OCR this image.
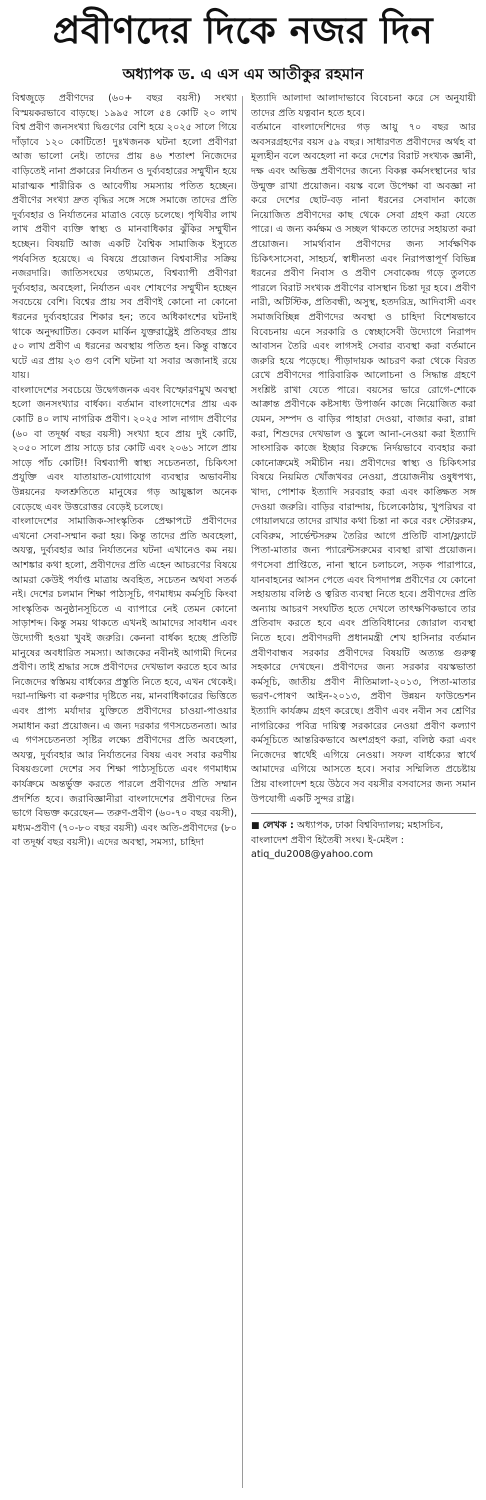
প্রবীণদের দিকে নজর দিন
অধ্যাপক ড. এ এস এম আতীকুর রহমান

বিশ্বজুড়ে প্রবীণদের (৬০+ বছর বয়সী) সংখ্যা বিস্ময়করভাবে বাড়ছে। ১৯৯৫ সালে ৫৪ কোটি ২০ লাখ বিশ্ব প্রবীণ জনসংখ্যা দ্বিগুণের বেশি হয়ে ২০২৫ সালে গিয়ে দাঁড়াবে ১২০ কোটিতে! দুঃখজনক ঘটনা হলো প্রবীণরা আজ ভালো নেই। তাদের প্রায় ৪৬ শতাংশ নিজেদের বাড়িতেই নানা প্রকারের নির্যাতন ও দুর্ব্যবহারের সম্মুখীন হয়ে মারাত্মক শারীরিক ও আবেগীয় সমস্যায় পতিত হচ্ছেন। প্রবীণের সংখ্যা দ্রুত বৃদ্ধির সঙ্গে সঙ্গে সমাজে তাদের প্রতি দুর্ব্যবহার ও নির্যাতনের মাত্রাও বেড়ে চলেছে। পৃথিবীর লাখ লাখ প্রবীণ ব্যক্তি স্বাস্থ্য ও মানবাধিকার ঝুঁকির সম্মুখীন হচ্ছেন। বিষয়টি আজ একটি বৈশ্বিক সামাজিক ইস্যুতে পর্যবসিত হয়েছে। এ বিষয়ে প্রয়োজন বিশ্ববাসীর সক্রিয় নজরদারি। জাতিসংঘের তথ্যমতে, বিশ্বব্যাপী প্রবীণরা দুর্ব্যবহার, অবহেলা, নির্যাতন এবং শোষণের সম্মুখীন হচ্ছেন সবচেয়ে বেশি। বিশ্বের প্রায় সব প্রবীণই কোনো না কোনো ধরনের দুর্ব্যবহারের শিকার হন; তবে অধিকাংশের ঘটনাই থাকে অনুদ্ঘাটিত। কেবল মার্কিন যুক্তরাষ্ট্রেই প্রতিবছর প্রায় ৫০ লাখ প্রবীণ এ ধরনের অবস্থায় পতিত হন। কিন্তু বাস্তবে ঘটে এর প্রায় ২৩ গুণ বেশি ঘটনা যা সবার অজানাই রয়ে যায়।

বাংলাদেশের সবচেয়ে উদ্বেগজনক এবং বিস্ফোরণমুখ অবস্থা হলো জনসংখ্যার বার্ধক্য। বর্তমান বাংলাদেশের প্রায় এক কোটি ৪০ লাখ নাগরিক প্রবীণ। ২০২৫ সাল নাগাদ প্রবীণের (৬০ বা তদূর্ধ্ব বছর বয়সী) সংখ্যা হবে প্রায় দুই কোটি, ২০৫০ সালে প্রায় সাড়ে চার কোটি এবং ২০৬১ সালে প্রায় সাড়ে পাঁচ কোটি!! বিশ্বব্যাপী স্বাস্থ্য সচেতনতা, চিকিৎসা প্রযুক্তি এবং যাতায়াত-যোগাযোগ ব্যবস্থার অভাবনীয় উন্নয়নের ফলশ্রুতিতে মানুষের গড় আয়ুষ্কাল অনেক বেড়েছে এবং উত্তরোত্তর বেড়েই চলেছে।

বাংলাদেশের সামাজিক-সাংস্কৃতিক প্রেক্ষাপটে প্রবীণদের এখনো সেবা-সম্মান করা হয়। কিন্তু তাদের প্রতি অবহেলা, অযত্ন, দুর্ব্যবহার আর নির্যাতনের ঘটনা এখানেও কম নয়। আশঙ্কার কথা হলো, প্রবীণদের প্রতি এহেন আচরণের বিষয়ে আমরা কেউই পর্যাপ্ত মাত্রায় অবহিত, সচেতন অথবা সতর্ক নই। দেশের চলমান শিক্ষা পাঠ্যসূচি, গণমাধ্যম কর্মসূচি কিংবা সাংস্কৃতিক অনুষ্ঠানসূচিতে এ ব্যাপারে নেই তেমন কোনো সাড়াশব্দ। কিন্তু সময় থাকতে এখনই আমাদের সাবধান এবং উদ্যোগী হওয়া খুবই জরুরি। কেননা বার্ধক্য হচ্ছে প্রতিটি মানুষের অবধারিত সমস্যা। আজকের নবীনই আগামী দিনের প্রবীণ। তাই শ্রদ্ধার সঙ্গে প্রবীণদের দেখভাল করতে হবে আর নিজেদের স্বস্তিময় বার্ধক্যের প্রস্তুতি নিতে হবে, এখন থেকেই।

দয়া-দাক্ষিণ্য বা করুণার দৃষ্টিতে নয়, মানবাধিকারের ভিত্তিতে এবং প্রাপ্য মর্যাদার যুক্তিতে প্রবীণদের চাওয়া-পাওয়ার সমাধান করা প্রয়োজন। এ জন্য দরকার গণসচেতনতা। আর এ গণসচেতনতা সৃষ্টির লক্ষ্যে প্রবীণদের প্রতি অবহেলা, অযত্ন, দুর্ব্যবহার আর নির্যাতনের বিষয় এবং সবার করণীয় বিষয়গুলো দেশের সব শিক্ষা পাঠ্যসূচিতে এবং গণমাধ্যম কার্যক্রমে অন্তর্ভুক্ত করতে পারলে প্রবীণদের প্রতি সম্মান প্রদর্শিত হবে। জরাবিজ্ঞানীরা বাংলাদেশের প্রবীণদের তিন ভাগে বিভক্ত করেছেন— তরুণ-প্রবীণ (৬০-৭০ বছর বয়সী), মধ্যম-প্রবীণ (৭০-৮০ বছর বয়সী) এবং অতি-প্রবীণদের (৮০ বা তদূর্ধ্ব বছর বয়সী)। এদের অবস্থা, সমস্যা, চাহিদা

ইত্যাদি আলাদা আলাদাভাবে বিবেচনা করে সে অনুযায়ী তাদের প্রতি যত্নবান হতে হবে।

বর্তমানে বাংলাদেশিদের গড় আয়ু ৭০ বছর আর অবসরগ্রহণের বয়স ৫৯ বছর। সাধারণত প্রবীণদের অর্থহ বা মূল্যহীন বলে অবহেলা না করে দেশের বিরাট সংখ্যক জ্ঞানী, দক্ষ এবং অভিজ্ঞ প্রবীণদের জন্যে বিকল্প কর্মসংস্থানের দ্বার উন্মুক্ত রাখা প্রয়োজন। বয়স্ক বলে উপেক্ষা বা অবজ্ঞা না করে দেশের ছোট-বড় নানা ধরনের সেবাদান কাজে নিয়োজিত প্রবীণদের কাছ থেকে সেবা গ্রহণ করা যেতে পারে। এ জন্য কর্মক্ষম ও সচ্ছল থাকতে তাদের সহায়তা করা প্রয়োজন। সামর্থ্যবান প্রবীণদের জন্য সার্বক্ষণিক চিকিৎসাসেবা, সাহচর্য, স্বাধীনতা এবং নিরাপত্তাপূর্ণ বিভিন্ন ধরনের প্রবীণ নিবাস ও প্রবীণ সেবাকেন্দ্র গড়ে তুলতে পারলে বিরাট সংখ্যক প্রবীণের বাসস্থান চিন্তা দূর হবে। প্রবীণ নারী, অটিস্টিক, প্রতিবন্ধী, অসুস্থ, হতদরিদ্র, আদিবাসী এবং সমাজবিচ্ছিন্ন প্রবীণদের অবস্থা ও চাহিদা বিশেষভাবে বিবেচনায় এনে সরকারি ও স্বেচ্ছাসেবী উদ্যোগে নিরাপদ আবাসন তৈরি এবং লাগসই সেবার ব্যবস্থা করা বর্তমানে জরুরি হয়ে পড়েছে। পীড়াদায়ক আচরণ করা থেকে বিরত রেখে প্রবীণদের পারিবারিক আলোচনা ও সিদ্ধান্ত গ্রহণে সংশ্লিষ্ট রাখা যেতে পারে। বয়সের ভারে রোগে-শোকে আক্রান্ত প্রবীণকে কষ্টসাধ্য উপার্জন কাজে নিয়োজিত করা যেমন, সম্পদ ও বাড়ির পাহারা দেওয়া, বাজার করা, রান্না করা, শিশুদের দেখভাল ও স্কুলে আনা-নেওয়া করা ইত্যাদি সাংসারিক কাজে ইচ্ছার বিরুদ্ধে নির্দয়ভাবে ব্যবহার করা কোনোক্রমেই সমীচীন নয়। প্রবীণদের স্বাস্থ্য ও চিকিৎসার বিষয়ে নিয়মিত খোঁজখবর নেওয়া, প্রয়োজনীয় ওষুধপথ্য, খাদ্য, পোশাক ইত্যাদি সরবরাহ করা এবং কাঙ্ক্ষিত সঙ্গ দেওয়া জরুরি। বাড়ির বারান্দায়, চিলেকোঠায়, খুপরিঘর বা গোয়ালঘরে তাদের রাখার কথা চিন্তা না করে বরং স্টোররুম, বেবিরুম, সার্ভেন্টসরুম তৈরির আগে প্রতিটি বাসা/ফ্ল্যাটে পিতা-মাতার জন্য প্যারেন্টসরুমের ব্যবস্থা রাখা প্রয়োজন। গণসেবা প্রাপ্তিতে, নানা স্থানে চলাচলে, সড়ক পারাপারে, যানবাহনের আসন পেতে এবং বিপদাপন্ন প্রবীণের যে কোনো সহায়তায় বলিষ্ঠ ও ত্বরিত ব্যবস্থা নিতে হবে। প্রবীণদের প্রতি অন্যায় আচরণ সংঘটিত হতে দেখলে তাৎক্ষণিকভাবে তার প্রতিবাদ করতে হবে এবং প্রতিবিধানের জোরাল ব্যবস্থা নিতে হবে। প্রবীণদরদী প্রধানমন্ত্রী শেখ হাসিনার বর্তমান প্রবীণবান্ধব সরকার প্রবীণদের বিষয়টি অত্যন্ত গুরুত্ব সহকারে দেখছেন। প্রবীণদের জন্য সরকার বয়স্কভাতা কর্মসূচি, জাতীয় প্রবীণ নীতিমালা-২০১৩, পিতা-মাতার ভরণ-পোষণ আইন-২০১৩, প্রবীণ উন্নয়ন ফাউন্ডেশন ইত্যাদি কার্যক্রম গ্রহণ করেছে। প্রবীণ এবং নবীন সব শ্রেণির নাগরিকের পবিত্র দায়িত্ব সরকারের নেওয়া প্রবীণ কল্যাণ কর্মসূচিতে আন্তরিকভাবে অংশগ্রহণ করা, বলিষ্ঠ করা এবং নিজেদের স্বার্থেই এগিয়ে নেওয়া। সফল বার্ধক্যের স্বার্থে আমাদের এগিয়ে আসতে হবে। সবার সম্মিলিত প্রচেষ্টায় প্রিয় বাংলাদেশ হয়ে উঠবে সব বয়সীর বসবাসের জন্য সমান উপযোগী একটি সুন্দর রাষ্ট্র।

■ লেখক : অধ্যাপক, ঢাকা বিশ্ববিদ্যালয়; মহাসচিব, বাংলাদেশ প্রবীণ হিতৈষী সংঘ। ই-মেইল : atiq_du2008@yahoo.com
